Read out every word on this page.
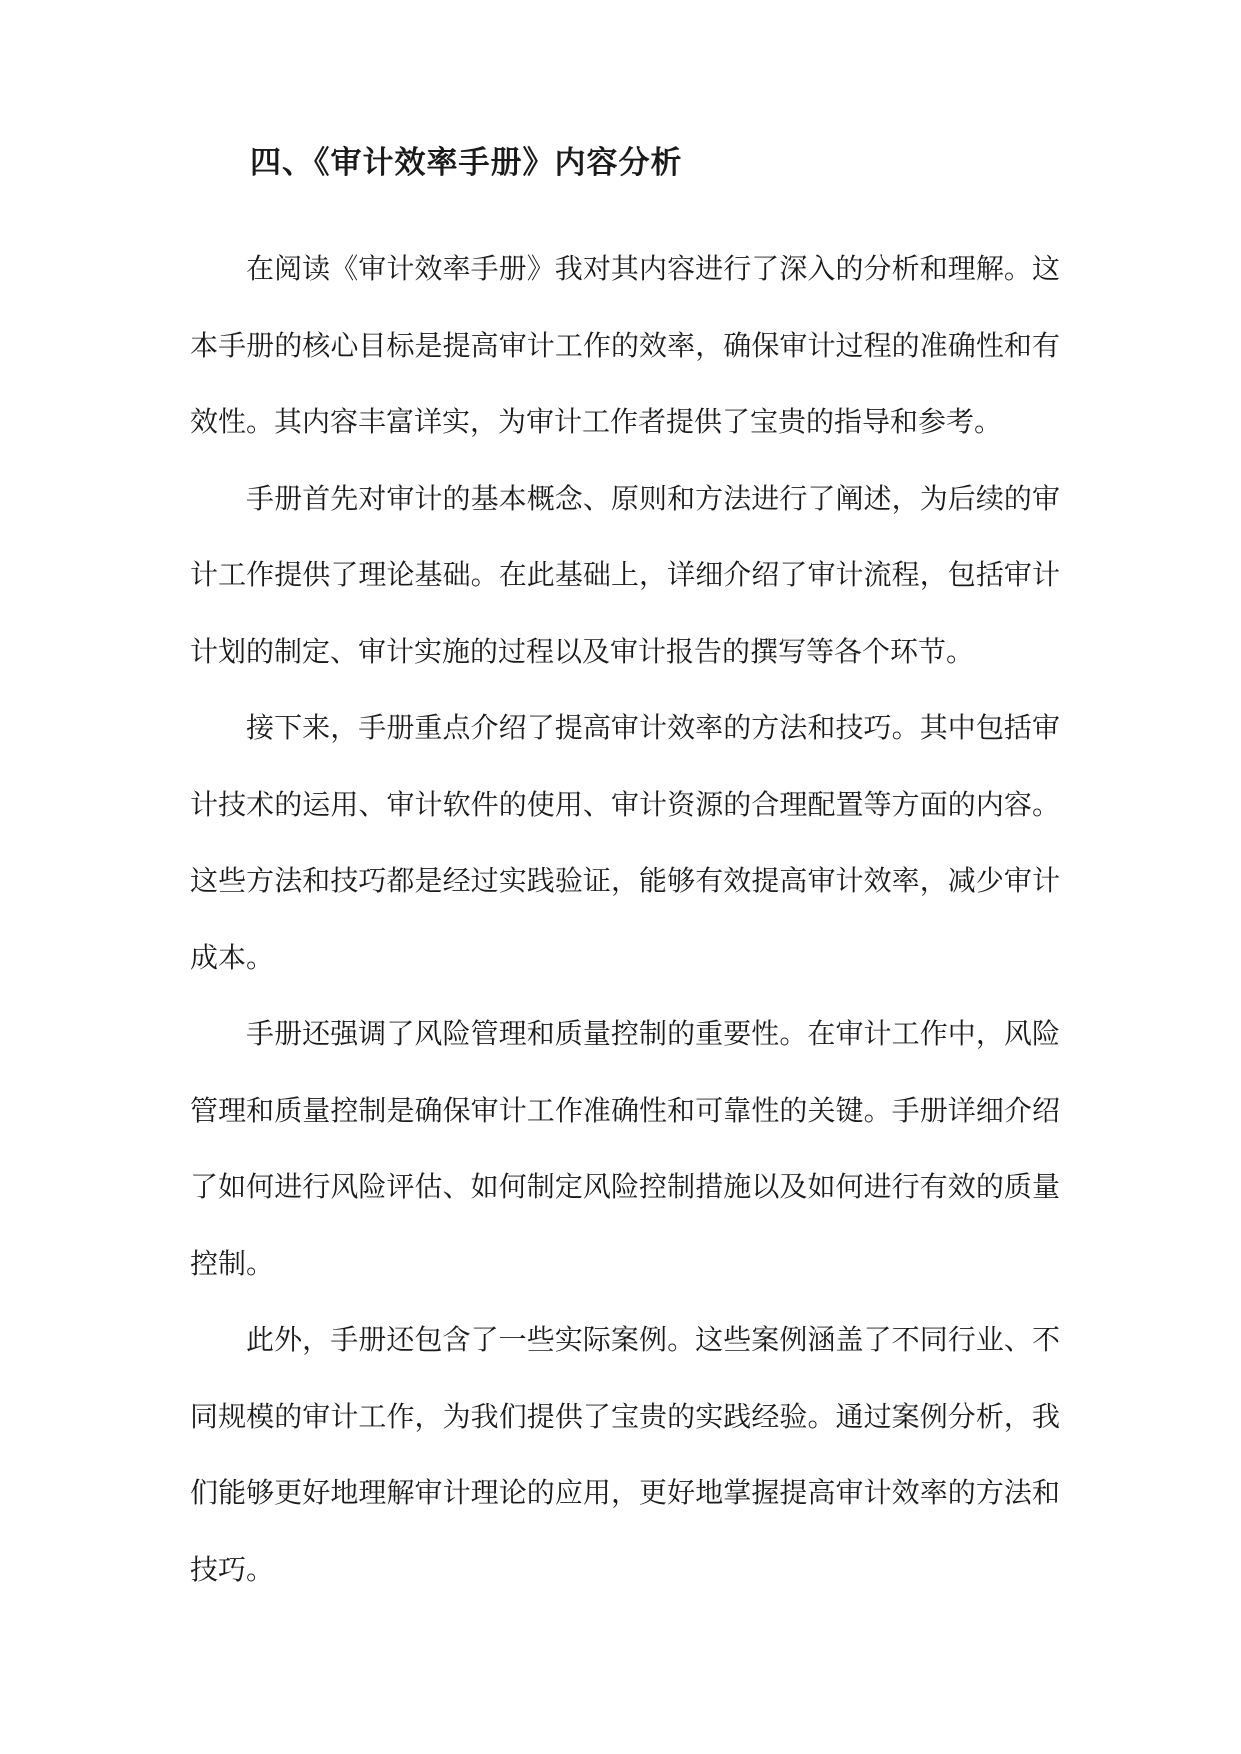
四、《审计效率手册》内容分析

在阅读《审计效率手册》我对其内容进行了深入的分析和理解。这本手册的核心目标是提高审计工作的效率，确保审计过程的准确性和有效性。其内容丰富详实，为审计工作者提供了宝贵的指导和参考。

手册首先对审计的基本概念、原则和方法进行了阐述，为后续的审计工作提供了理论基础。在此基础上，详细介绍了审计流程，包括审计计划的制定、审计实施的过程以及审计报告的撰写等各个环节。

接下来，手册重点介绍了提高审计效率的方法和技巧。其中包括审计技术的运用、审计软件的使用、审计资源的合理配置等方面的内容。这些方法和技巧都是经过实践验证，能够有效提高审计效率，减少审计成本。

手册还强调了风险管理和质量控制的重要性。在审计工作中，风险管理和质量控制是确保审计工作准确性和可靠性的关键。手册详细介绍了如何进行风险评估、如何制定风险控制措施以及如何进行有效的质量控制。

此外，手册还包含了一些实际案例。这些案例涵盖了不同行业、不同规模的审计工作，为我们提供了宝贵的实践经验。通过案例分析，我们能够更好地理解审计理论的应用，更好地掌握提高审计效率的方法和技巧。
